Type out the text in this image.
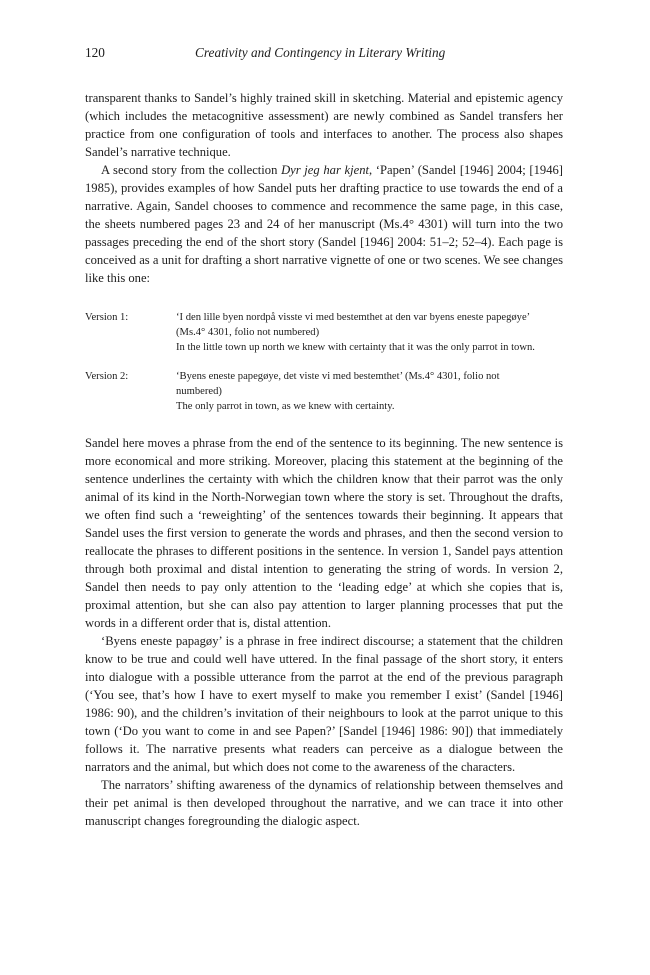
120	Creativity and Contingency in Literary Writing

transparent thanks to Sandel’s highly trained skill in sketching. Material and epistemic agency (which includes the metacognitive assessment) are newly combined as Sandel transfers her practice from one configuration of tools and interfaces to another. The process also shapes Sandel’s narrative technique.

A second story from the collection Dyr jeg har kjent, ‘Papen’ (Sandel [1946] 2004; [1946] 1985), provides examples of how Sandel puts her drafting practice to use towards the end of a narrative. Again, Sandel chooses to commence and recommence the same page, in this case, the sheets numbered pages 23 and 24 of her manuscript (Ms.4° 4301) will turn into the two passages preceding the end of the short story (Sandel [1946] 2004: 51–2; 52–4). Each page is conceived as a unit for drafting a short narrative vignette of one or two scenes. We see changes like this one:

Version 1:	‘I den lille byen nordpå visste vi med bestemthet at den var byens eneste papegøye’
(Ms.4° 4301, folio not numbered)
In the little town up north we knew with certainty that it was the only parrot in town.
Version 2:	‘Byens eneste papegøye, det viste vi med bestemthet’ (Ms.4° 4301, folio not
numbered)
The only parrot in town, as we knew with certainty.

Sandel here moves a phrase from the end of the sentence to its beginning. The new sentence is more economical and more striking. Moreover, placing this statement at the beginning of the sentence underlines the certainty with which the children know that their parrot was the only animal of its kind in the North-Norwegian town where the story is set. Throughout the drafts, we often find such a ‘reweighting’ of the sentences towards their beginning. It appears that Sandel uses the first version to generate the words and phrases, and then the second version to reallocate the phrases to different positions in the sentence. In version 1, Sandel pays attention through both proximal and distal intention to generating the string of words. In version 2, Sandel then needs to pay only attention to the ‘leading edge’ at which she copies that is, proximal attention, but she can also pay attention to larger planning processes that put the words in a different order that is, distal attention.

‘Byens eneste papagøy’ is a phrase in free indirect discourse; a statement that the children know to be true and could well have uttered. In the final passage of the short story, it enters into dialogue with a possible utterance from the parrot at the end of the previous paragraph (‘You see, that’s how I have to exert myself to make you remember I exist’ (Sandel [1946] 1986: 90), and the children’s invitation of their neighbours to look at the parrot unique to this town (‘Do you want to come in and see Papen?’ [Sandel [1946] 1986: 90]) that immediately follows it. The narrative presents what readers can perceive as a dialogue between the narrators and the animal, but which does not come to the awareness of the characters.

The narrators’ shifting awareness of the dynamics of relationship between themselves and their pet animal is then developed throughout the narrative, and we can trace it into other manuscript changes foregrounding the dialogic aspect.
